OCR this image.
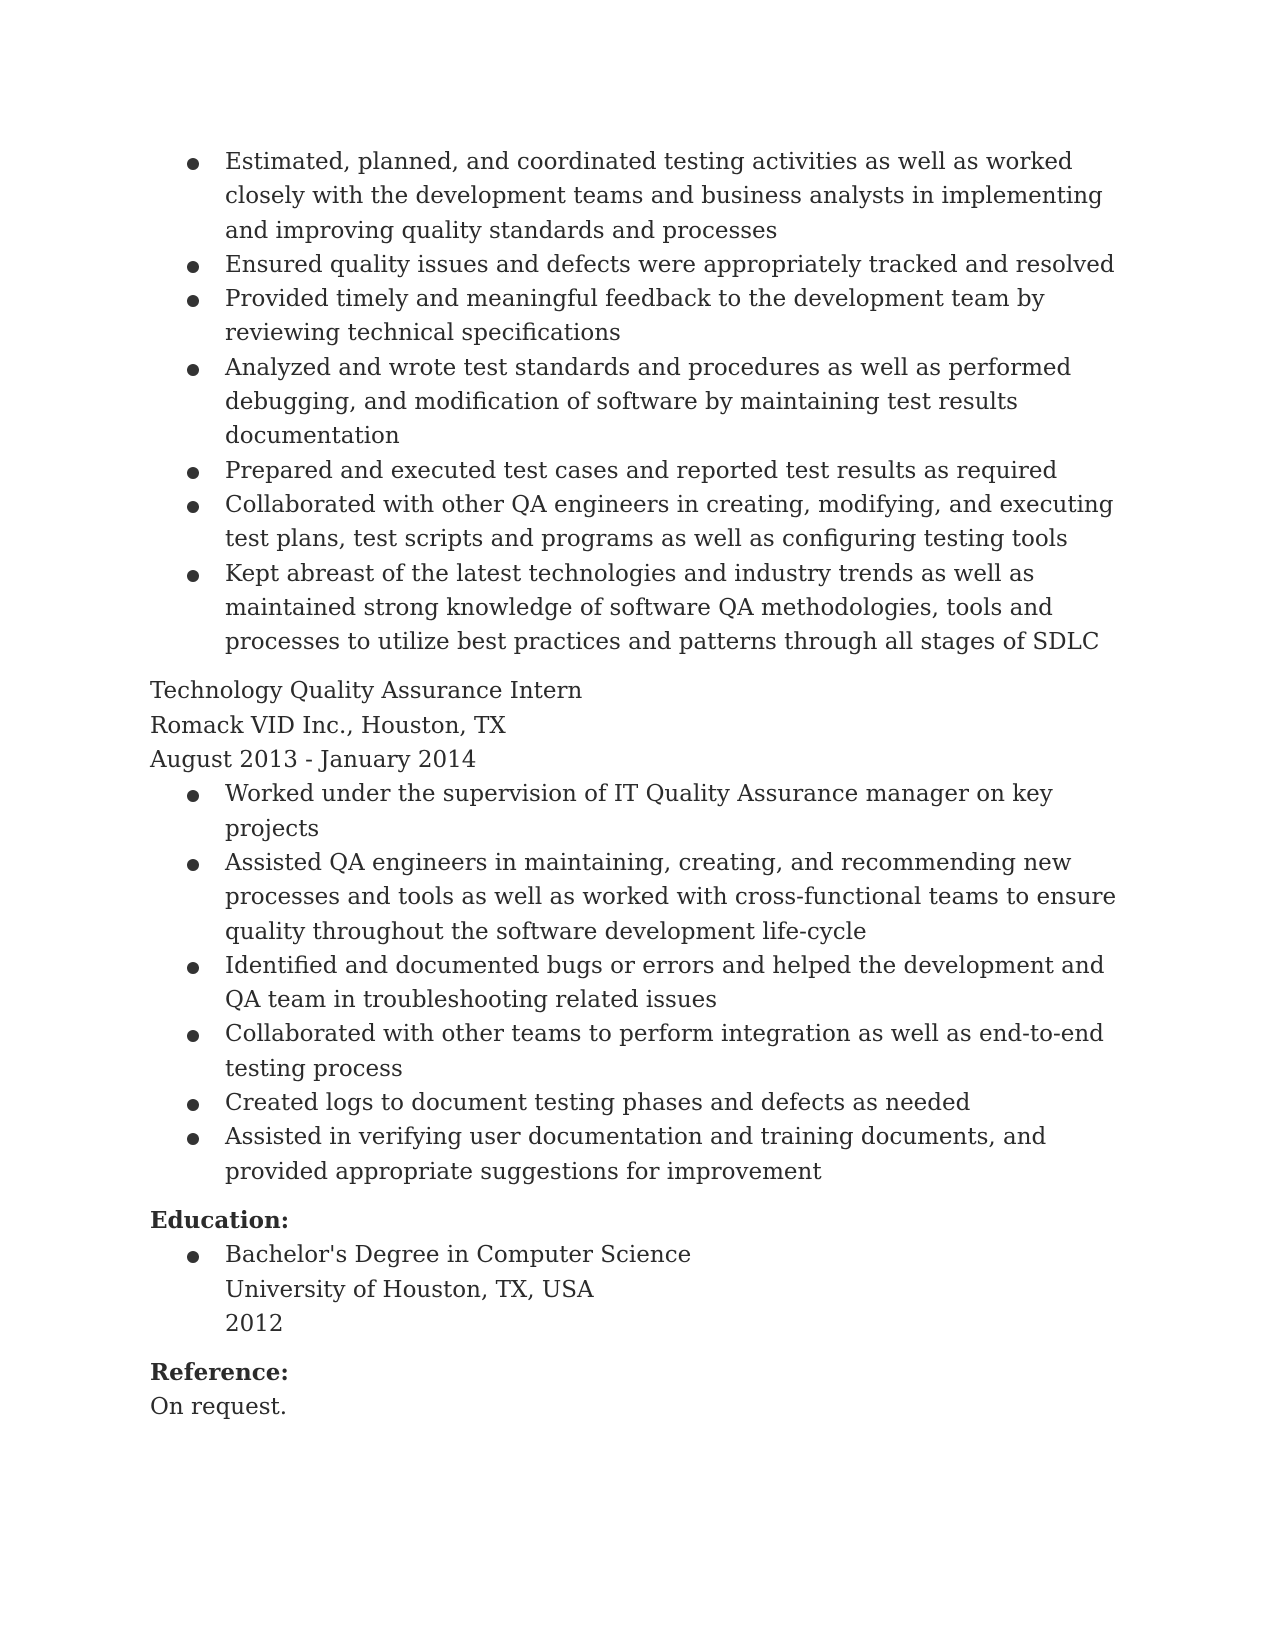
Estimated, planned, and coordinated testing activities as well as worked closely with the development teams and business analysts in implementing and improving quality standards and processes
Ensured quality issues and defects were appropriately tracked and resolved
Provided timely and meaningful feedback to the development team by reviewing technical specifications
Analyzed and wrote test standards and procedures as well as performed debugging, and modification of software by maintaining test results documentation
Prepared and executed test cases and reported test results as required
Collaborated with other QA engineers in creating, modifying, and executing test plans, test scripts and programs as well as configuring testing tools
Kept abreast of the latest technologies and industry trends as well as maintained strong knowledge of software QA methodologies, tools and processes to utilize best practices and patterns through all stages of SDLC
Technology Quality Assurance Intern
Romack VID Inc., Houston, TX
August 2013 - January 2014
Worked under the supervision of IT Quality Assurance manager on key projects
Assisted QA engineers in maintaining, creating, and recommending new processes and tools as well as worked with cross-functional teams to ensure quality throughout the software development life-cycle
Identified and documented bugs or errors and helped the development and QA team in troubleshooting related issues
Collaborated with other teams to perform integration as well as end-to-end testing process
Created logs to document testing phases and defects as needed
Assisted in verifying user documentation and training documents, and provided appropriate suggestions for improvement
Education:
Bachelor's Degree in Computer Science
University of Houston, TX, USA
2012
Reference:
On request.
